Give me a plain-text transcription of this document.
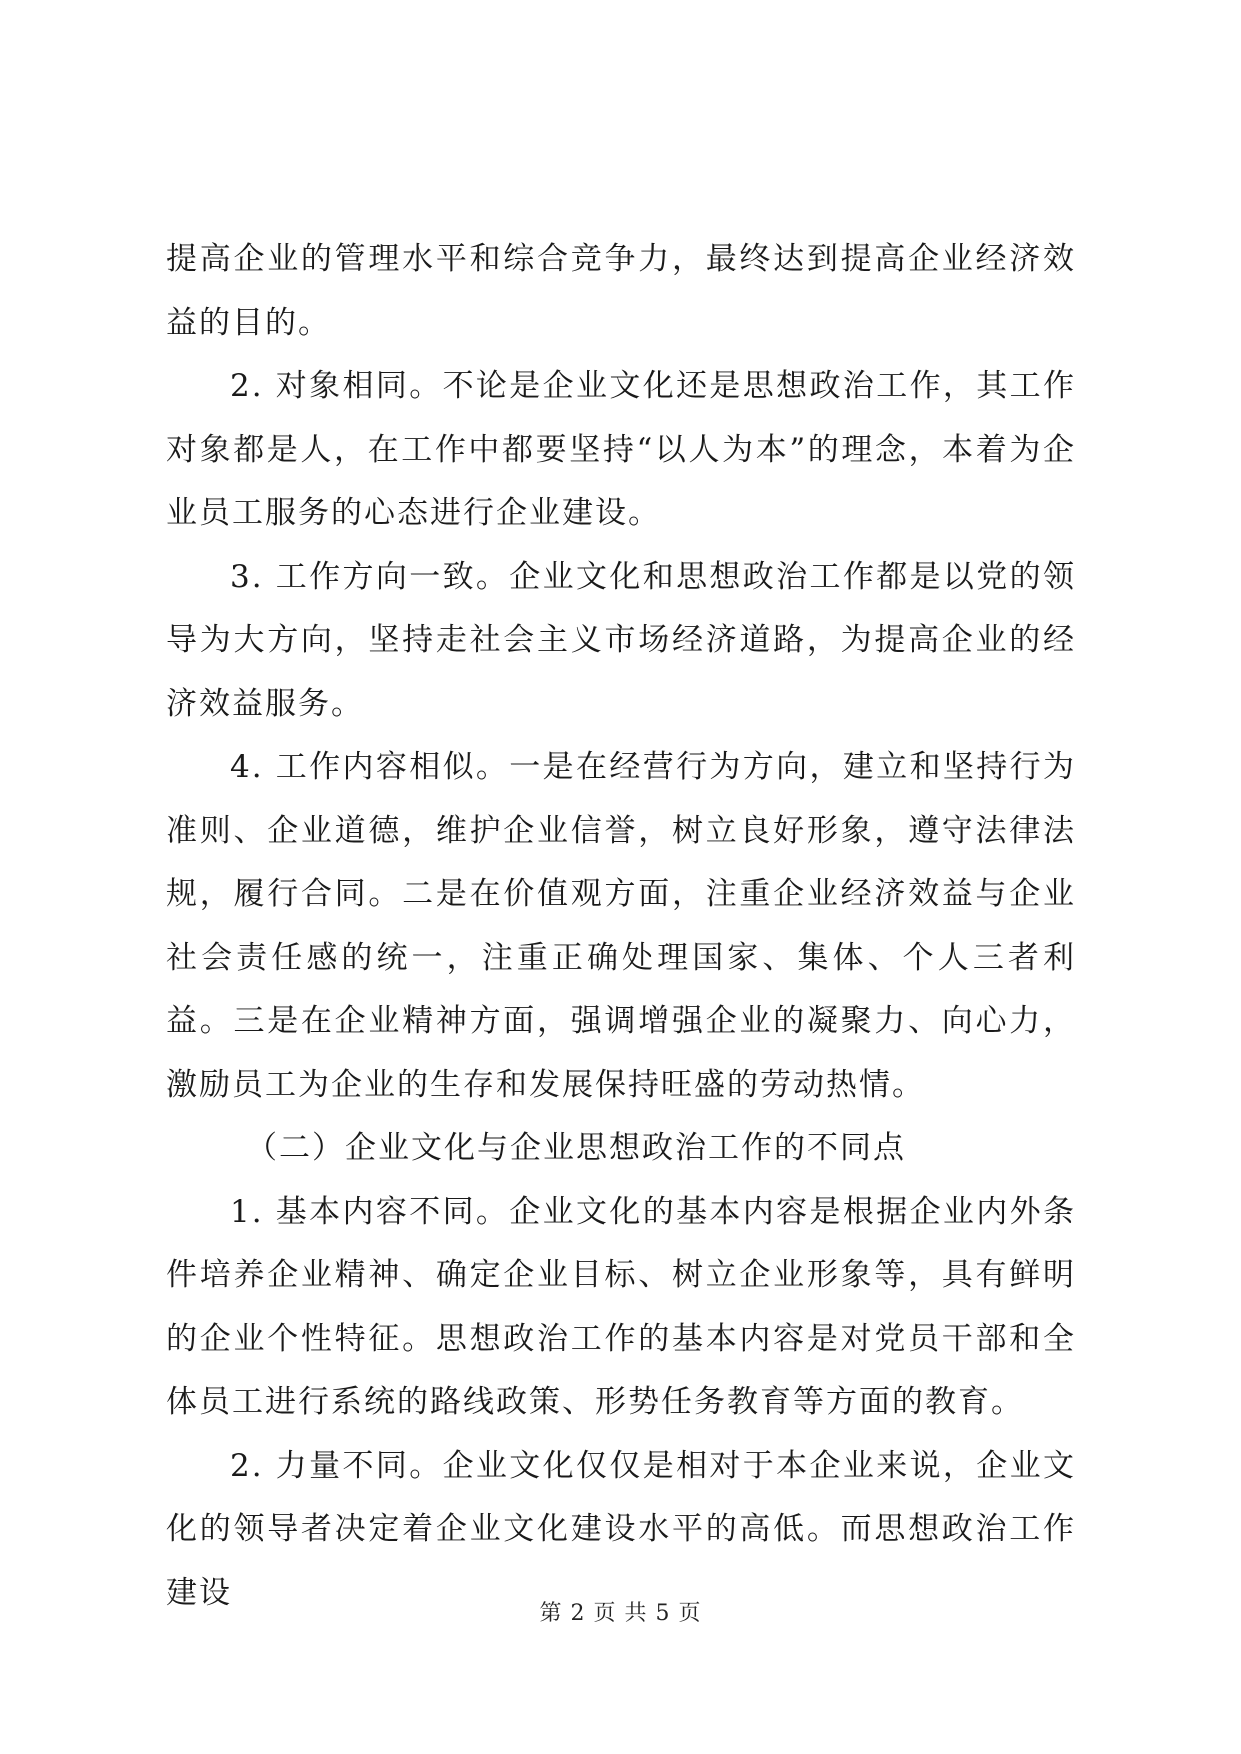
提高企业的管理水平和综合竞争力，最终达到提高企业经济效益的目的。

2. 对象相同。不论是企业文化还是思想政治工作，其工作对象都是人，在工作中都要坚持“以人为本”的理念，本着为企业员工服务的心态进行企业建设。

3. 工作方向一致。企业文化和思想政治工作都是以党的领导为大方向，坚持走社会主义市场经济道路，为提高企业的经济效益服务。

4. 工作内容相似。一是在经营行为方向，建立和坚持行为准则、企业道德，维护企业信誉，树立良好形象，遵守法律法规，履行合同。二是在价值观方面，注重企业经济效益与企业社会责任感的统一，注重正确处理国家、集体、个人三者利益。三是在企业精神方面，强调增强企业的凝聚力、向心力，激励员工为企业的生存和发展保持旺盛的劳动热情。

（二）企业文化与企业思想政治工作的不同点

1. 基本内容不同。企业文化的基本内容是根据企业内外条件培养企业精神、确定企业目标、树立企业形象等，具有鲜明的企业个性特征。思想政治工作的基本内容是对党员干部和全体员工进行系统的路线政策、形势任务教育等方面的教育。

2. 力量不同。企业文化仅仅是相对于本企业来说，企业文化的领导者决定着企业文化建设水平的高低。而思想政治工作建设

第 2 页 共 5 页
